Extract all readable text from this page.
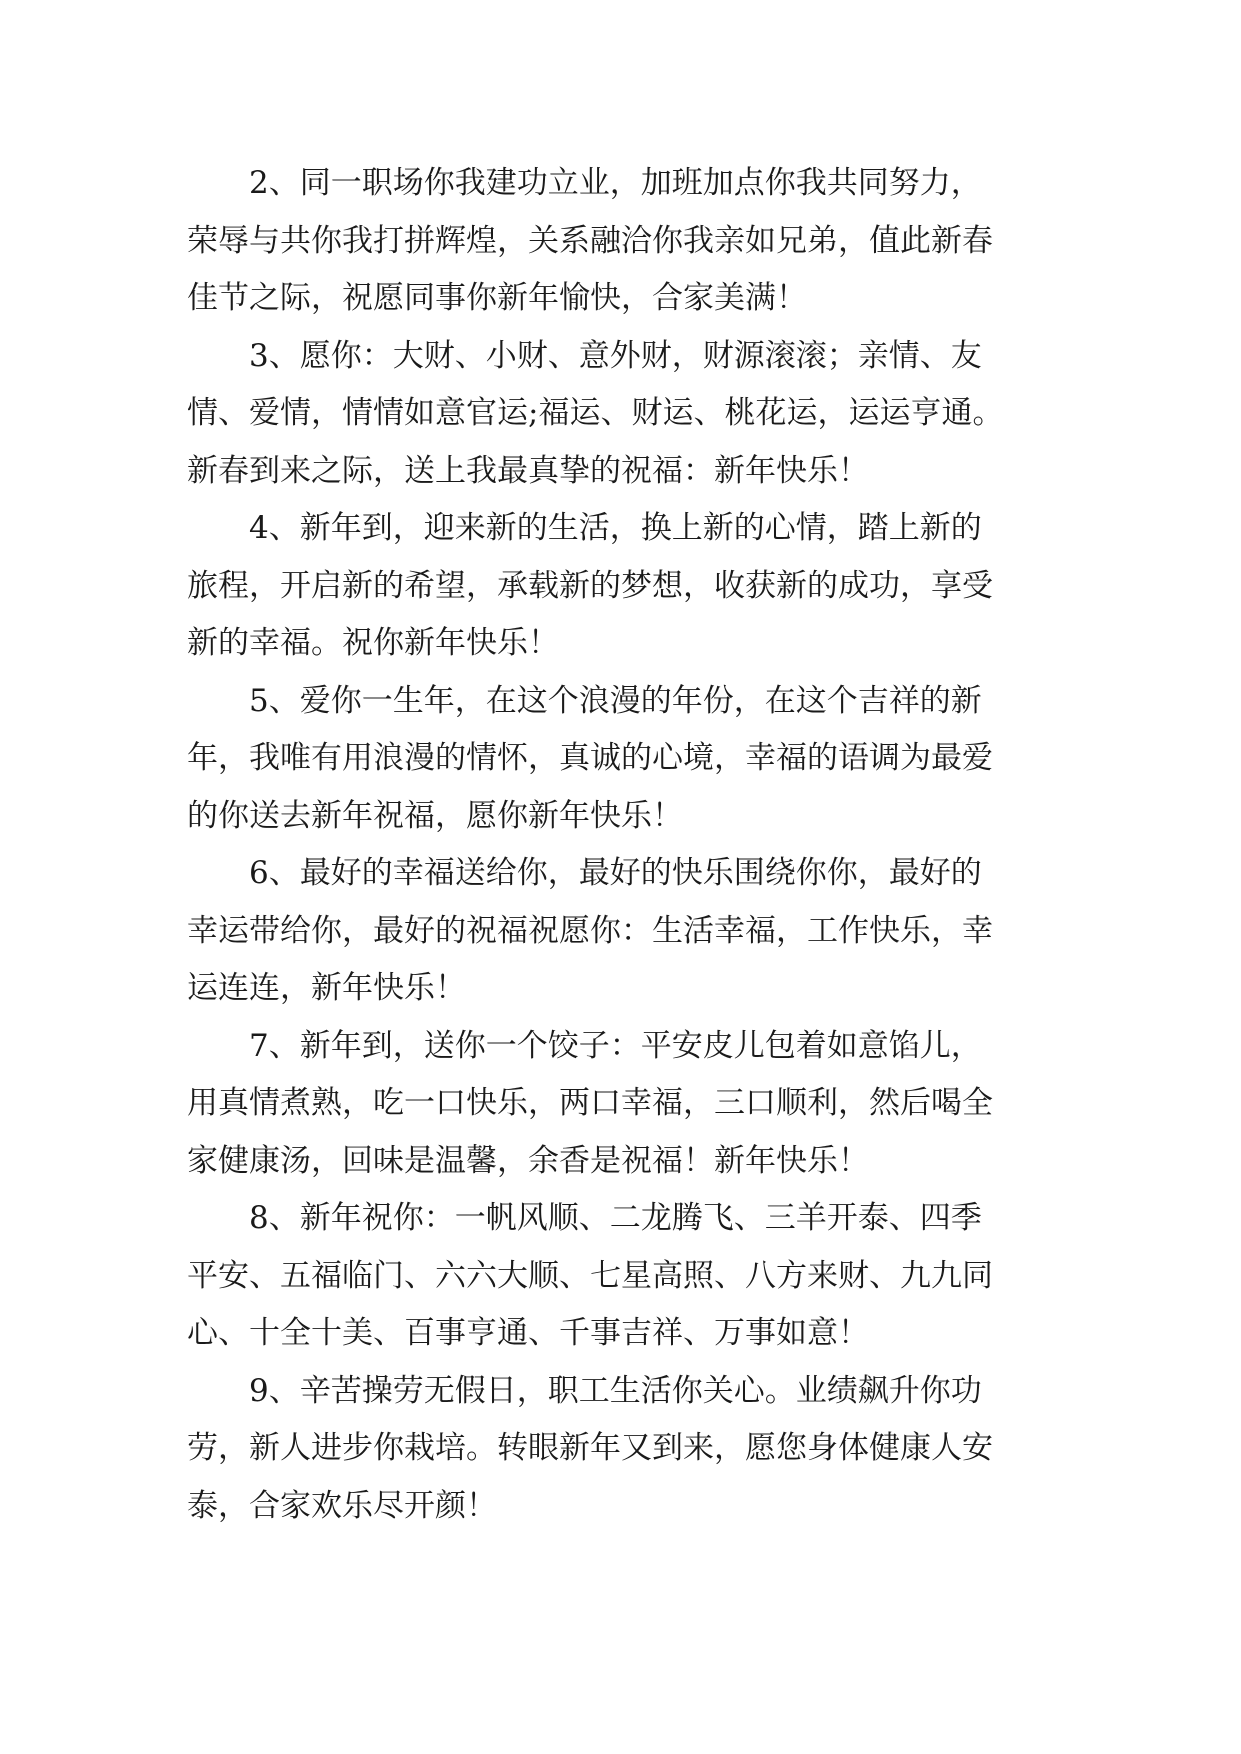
2、同一职场你我建功立业，加班加点你我共同努力，
荣辱与共你我打拼辉煌，关系融洽你我亲如兄弟，值此新春
佳节之际，祝愿同事你新年愉快，合家美满！
3、愿你：大财、小财、意外财，财源滚滚；亲情、友
情、爱情，情情如意官运;福运、财运、桃花运，运运亨通。
新春到来之际，送上我最真挚的祝福：新年快乐！
4、新年到，迎来新的生活，换上新的心情，踏上新的
旅程，开启新的希望，承载新的梦想，收获新的成功，享受
新的幸福。祝你新年快乐！
5、爱你一生年，在这个浪漫的年份，在这个吉祥的新
年，我唯有用浪漫的情怀，真诚的心境，幸福的语调为最爱
的你送去新年祝福，愿你新年快乐！
6、最好的幸福送给你，最好的快乐围绕你你，最好的
幸运带给你，最好的祝福祝愿你：生活幸福，工作快乐，幸
运连连，新年快乐！
7、新年到，送你一个饺子：平安皮儿包着如意馅儿，
用真情煮熟，吃一口快乐，两口幸福，三口顺利，然后喝全
家健康汤，回味是温馨，余香是祝福！新年快乐！
8、新年祝你：一帆风顺、二龙腾飞、三羊开泰、四季
平安、五福临门、六六大顺、七星高照、八方来财、九九同
心、十全十美、百事亨通、千事吉祥、万事如意！
9、辛苦操劳无假日，职工生活你关心。业绩飙升你功
劳，新人进步你栽培。转眼新年又到来，愿您身体健康人安
泰，合家欢乐尽开颜！
